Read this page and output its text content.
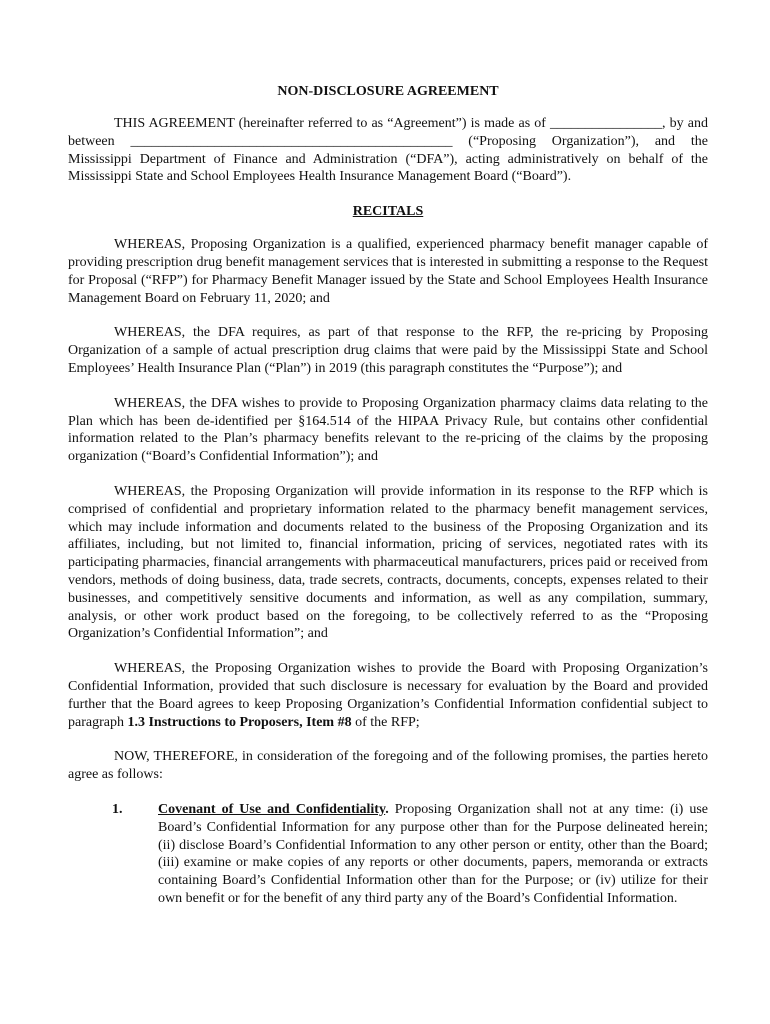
NON-DISCLOSURE AGREEMENT

THIS AGREEMENT (hereinafter referred to as “Agreement”) is made as of ________________, by and between ______________________________________________ (“Proposing Organization”), and the Mississippi Department of Finance and Administration (“DFA”), acting administratively on behalf of the Mississippi State and School Employees Health Insurance Management Board (“Board”).

RECITALS

WHEREAS, Proposing Organization is a qualified, experienced pharmacy benefit manager capable of providing prescription drug benefit management services that is interested in submitting a response to the Request for Proposal (“RFP”) for Pharmacy Benefit Manager issued by the State and School Employees Health Insurance Management Board on February 11, 2020; and

WHEREAS, the DFA requires, as part of that response to the RFP, the re-pricing by Proposing Organization of a sample of actual prescription drug claims that were paid by the Mississippi State and School Employees’ Health Insurance Plan (“Plan”) in 2019 (this paragraph constitutes the “Purpose”); and

WHEREAS, the DFA wishes to provide to Proposing Organization pharmacy claims data relating to the Plan which has been de-identified per §164.514 of the HIPAA Privacy Rule, but contains other confidential information related to the Plan’s pharmacy benefits relevant to the re-pricing of the claims by the proposing organization (“Board’s Confidential Information”); and

WHEREAS, the Proposing Organization will provide information in its response to the RFP which is comprised of confidential and proprietary information related to the pharmacy benefit management services, which may include information and documents related to the business of the Proposing Organization and its affiliates, including, but not limited to, financial information, pricing of services, negotiated rates with its participating pharmacies, financial arrangements with pharmaceutical manufacturers, prices paid or received from vendors, methods of doing business, data, trade secrets, contracts, documents, concepts, expenses related to their businesses, and competitively sensitive documents and information, as well as any compilation, summary, analysis, or other work product based on the foregoing, to be collectively referred to as the “Proposing Organization’s Confidential Information”; and

WHEREAS, the Proposing Organization wishes to provide the Board with Proposing Organization’s Confidential Information, provided that such disclosure is necessary for evaluation by the Board and provided further that the Board agrees to keep Proposing Organization’s Confidential Information confidential subject to paragraph 1.3 Instructions to Proposers, Item #8 of the RFP;

NOW, THEREFORE, in consideration of the foregoing and of the following promises, the parties hereto agree as follows:

1.	Covenant of Use and Confidentiality. Proposing Organization shall not at any time: (i) use Board’s Confidential Information for any purpose other than for the Purpose delineated herein; (ii) disclose Board’s Confidential Information to any other person or entity, other than the Board; (iii) examine or make copies of any reports or other documents, papers, memoranda or extracts containing Board’s Confidential Information other than for the Purpose; or (iv) utilize for their own benefit or for the benefit of any third party any of the Board’s Confidential Information.
